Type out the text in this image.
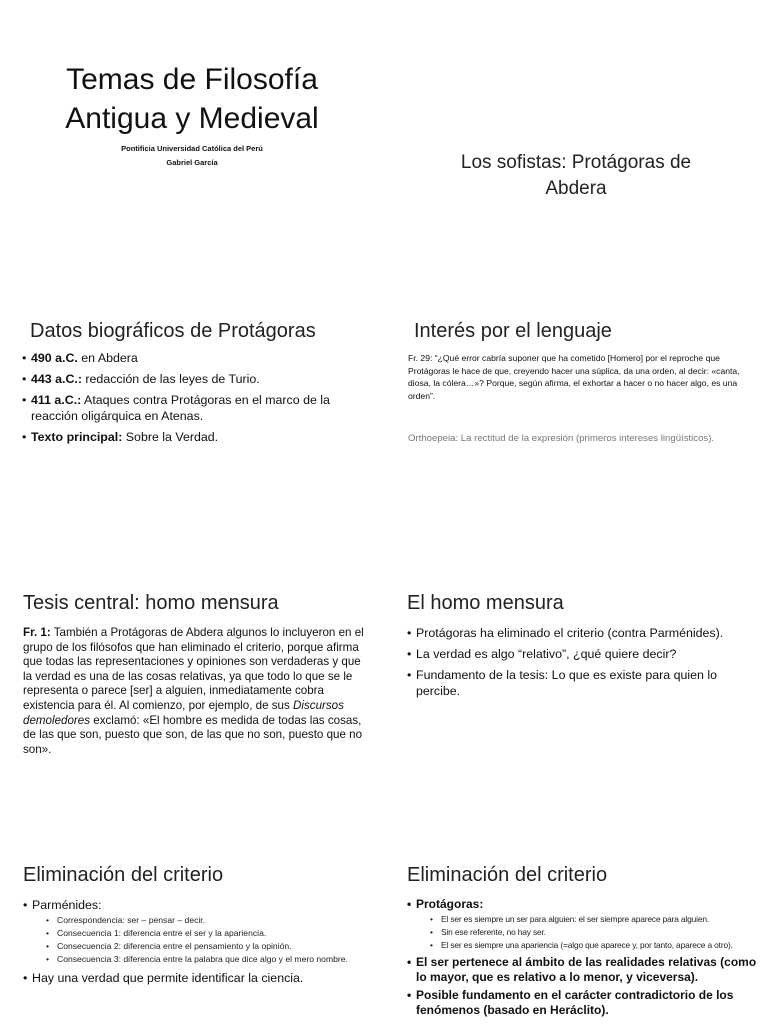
Temas de Filosofía
Antigua y Medieval
Pontificia Universidad Católica del Perú
Gabriel García	Los sofistas: Protágoras de
Abdera
Datos biográficos de Protágoras
• 490 a.C. en Abdera
• 443 a.C.: redacción de las leyes de Turio.
• 411 a.C.: Ataques contra Protágoras en el marco de la reacción oligárquica en Atenas.
• Texto principal: Sobre la Verdad.
Interés por el lenguaje
Fr. 29: “¿Qué error cabría suponer que ha cometido [Homero] por el reproche que Protágoras le hace de que, creyendo hacer una súplica, da una orden, al decir: «canta, diosa, la cólera…»? Porque, según afirma, el exhortar a hacer o no hacer algo, es una orden”.
Orthoepeia: La rectitud de la expresión (primeros intereses lingüísticos).
Tesis central: homo mensura
Fr. 1: También a Protágoras de Abdera algunos lo incluyeron en el grupo de los filósofos que han eliminado el criterio, porque afirma que todas las representaciones y opiniones son verdaderas y que la verdad es una de las cosas relativas, ya que todo lo que se le representa o parece [ser] a alguien, inmediatamente cobra existencia para él. Al comienzo, por ejemplo, de sus Discursos demoledores exclamó: «El hombre es medida de todas las cosas, de las que son, puesto que son, de las que no son, puesto que no son».
El homo mensura
• Protágoras ha eliminado el criterio (contra Parménides).
• La verdad es algo “relativo”, ¿qué quiere decir?
• Fundamento de la tesis: Lo que es existe para quien lo percibe.
Eliminación del criterio
• Parménides:
• Correspondencia: ser – pensar – decir.
• Consecuencia 1: diferencia entre el ser y la apariencia.
• Consecuencia 2: diferencia entre el pensamiento y la opinión.
• Consecuencia 3: diferencia entre la palabra que dice algo y el mero nombre.
• Hay una verdad que permite identificar la ciencia.
Eliminación del criterio
• Protágoras:
• El ser es siempre un ser para alguien: el ser siempre aparece para alguien.
• Sin ese referente, no hay ser.
• El ser es siempre una apariencia (=algo que aparece y, por tanto, aparece a otro).
• El ser pertenece al ámbito de las realidades relativas (como lo mayor, que es relativo a lo menor, y viceversa).
• Posible fundamento en el carácter contradictorio de los fenómenos (basado en Heráclito).
